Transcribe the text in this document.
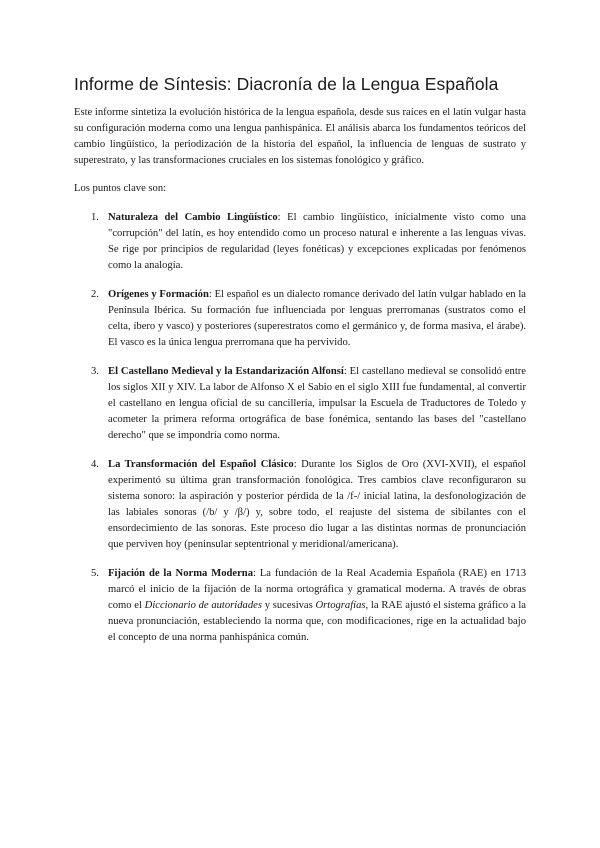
Informe de Síntesis: Diacronía de la Lengua Española

Este informe sintetiza la evolución histórica de la lengua española, desde sus raíces en el latín vulgar hasta su configuración moderna como una lengua panhispánica. El análisis abarca los fundamentos teóricos del cambio lingüístico, la periodización de la historia del español, la influencia de lenguas de sustrato y superestrato, y las transformaciones cruciales en los sistemas fonológico y gráfico.

Los puntos clave son:

1. Naturaleza del Cambio Lingüístico: El cambio lingüístico, inicialmente visto como una "corrupción" del latín, es hoy entendido como un proceso natural e inherente a las lenguas vivas. Se rige por principios de regularidad (leyes fonéticas) y excepciones explicadas por fenómenos como la analogía.
2. Orígenes y Formación: El español es un dialecto romance derivado del latín vulgar hablado en la Península Ibérica. Su formación fue influenciada por lenguas prerromanas (sustratos como el celta, íbero y vasco) y posteriores (superestratos como el germánico y, de forma masiva, el árabe). El vasco es la única lengua prerromana que ha pervivido.
3. El Castellano Medieval y la Estandarización Alfonsí: El castellano medieval se consolidó entre los siglos XII y XIV. La labor de Alfonso X el Sabio en el siglo XIII fue fundamental, al convertir el castellano en lengua oficial de su cancillería, impulsar la Escuela de Traductores de Toledo y acometer la primera reforma ortográfica de base fonémica, sentando las bases del "castellano derecho" que se impondría como norma.
4. La Transformación del Español Clásico: Durante los Siglos de Oro (XVI-XVII), el español experimentó su última gran transformación fonológica. Tres cambios clave reconfiguraron su sistema sonoro: la aspiración y posterior pérdida de la /f-/ inicial latina, la desfonologización de las labiales sonoras (/b/ y /β/) y, sobre todo, el reajuste del sistema de sibilantes con el ensordecimiento de las sonoras. Este proceso dio lugar a las distintas normas de pronunciación que perviven hoy (peninsular septentrional y meridional/americana).
5. Fijación de la Norma Moderna: La fundación de la Real Academia Española (RAE) en 1713 marcó el inicio de la fijación de la norma ortográfica y gramatical moderna. A través de obras como el Diccionario de autoridades y sucesivas Ortografías, la RAE ajustó el sistema gráfico a la nueva pronunciación, estableciendo la norma que, con modificaciones, rige en la actualidad bajo el concepto de una norma panhispánica común.
